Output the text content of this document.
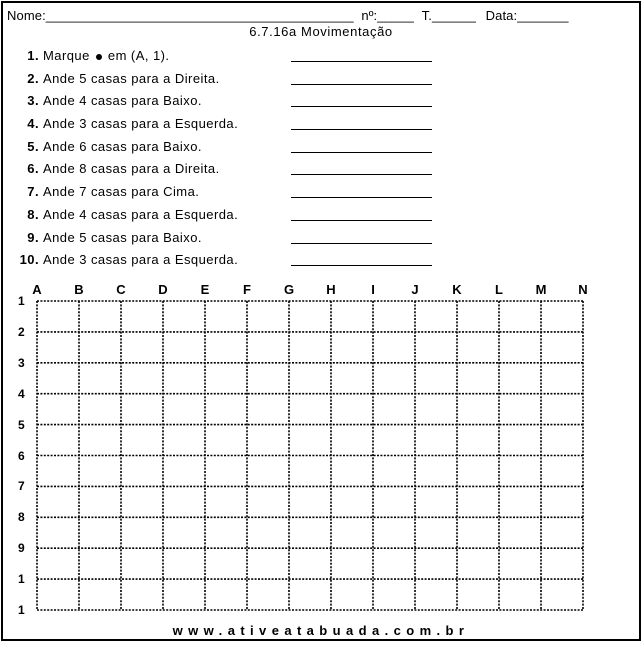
Nome:__________________________________________ nº:_____ T.______ Data:_______
6.7.16a Movimentação
1 . Marque em (A, 1).
2 . Ande 5 casas para a Direita.
3 . Ande 4 casas para Baixo.
4 . Ande 3 casas para a Esquerda.
5 . Ande 6 casas para Baixo.
6 . Ande 8 casas para a Direita.
7 . Ande 7 casas para Cima.
8 . Ande 4 casas para a Esquerda.
9 . Ande 5 casas para Baixo.
10 . Ande 3 casas para a Esquerda.
A	B	C	D	E	F	G H	I	J	K	L	M N
1
2
3
4
5
6
7
8
9
1
1
www.ativeatabuada.com.br
